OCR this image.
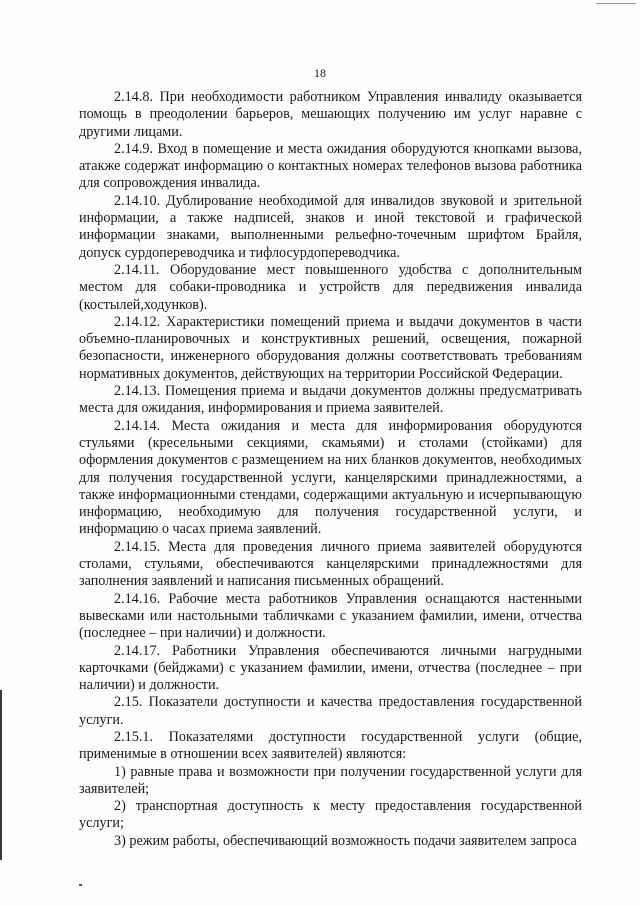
18

2.14.8. При необходимости работником Управления инвалиду оказывается помощь в преодолении барьеров, мешающих получению им услуг наравне с другими лицами.

2.14.9. Вход в помещение и места ожидания оборудуются кнопками вызова, атакже содержат информацию о контактных номерах телефонов вызова работника для сопровождения инвалида.

2.14.10. Дублирование необходимой для инвалидов звуковой и зрительной информации, а также надписей, знаков и иной текстовой и графической информации знаками, выполненными рельефно-точечным шрифтом Брайля, допуск сурдопереводчика и тифлосурдопереводчика.

2.14.11. Оборудование мест повышенного удобства с дополнительным местом для собаки-проводника и устройств для передвижения инвалида (костылей,ходунков).

2.14.12. Характеристики помещений приема и выдачи документов в части объемно-планировочных и конструктивных решений, освещения, пожарной безопасности, инженерного оборудования должны соответствовать требованиям нормативных документов, действующих на территории Российской Федерации.

2.14.13. Помещения приема и выдачи документов должны предусматривать места для ожидания, информирования и приема заявителей.

2.14.14. Места ожидания и места для информирования оборудуются стульями (кресельными секциями, скамьями) и столами (стойками) для оформления документов с размещением на них бланков документов, необходимых для получения государственной услуги, канцелярскими принадлежностями, а также информационными стендами, содержащими актуальную и исчерпывающую информацию, необходимую для получения государственной услуги, и информацию о часах приема заявлений.

2.14.15. Места для проведения личного приема заявителей оборудуются столами, стульями, обеспечиваются канцелярскими принадлежностями для заполнения заявлений и написания письменных обращений.

2.14.16. Рабочие места работников Управления оснащаются настенными вывесками или настольными табличками с указанием фамилии, имени, отчества (последнее – при наличии) и должности.

2.14.17. Работники Управления обеспечиваются личными нагрудными карточками (бейджами) с указанием фамилии, имени, отчества (последнее – при наличии) и должности.

2.15. Показатели доступности и качества предоставления государственной услуги.

2.15.1. Показателями доступности государственной услуги (общие, применимые в отношении всех заявителей) являются:

1) равные права и возможности при получении государственной услуги для заявителей;

2) транспортная доступность к месту предоставления государственной услуги;

3) режим работы, обеспечивающий возможность подачи заявителем запроса
